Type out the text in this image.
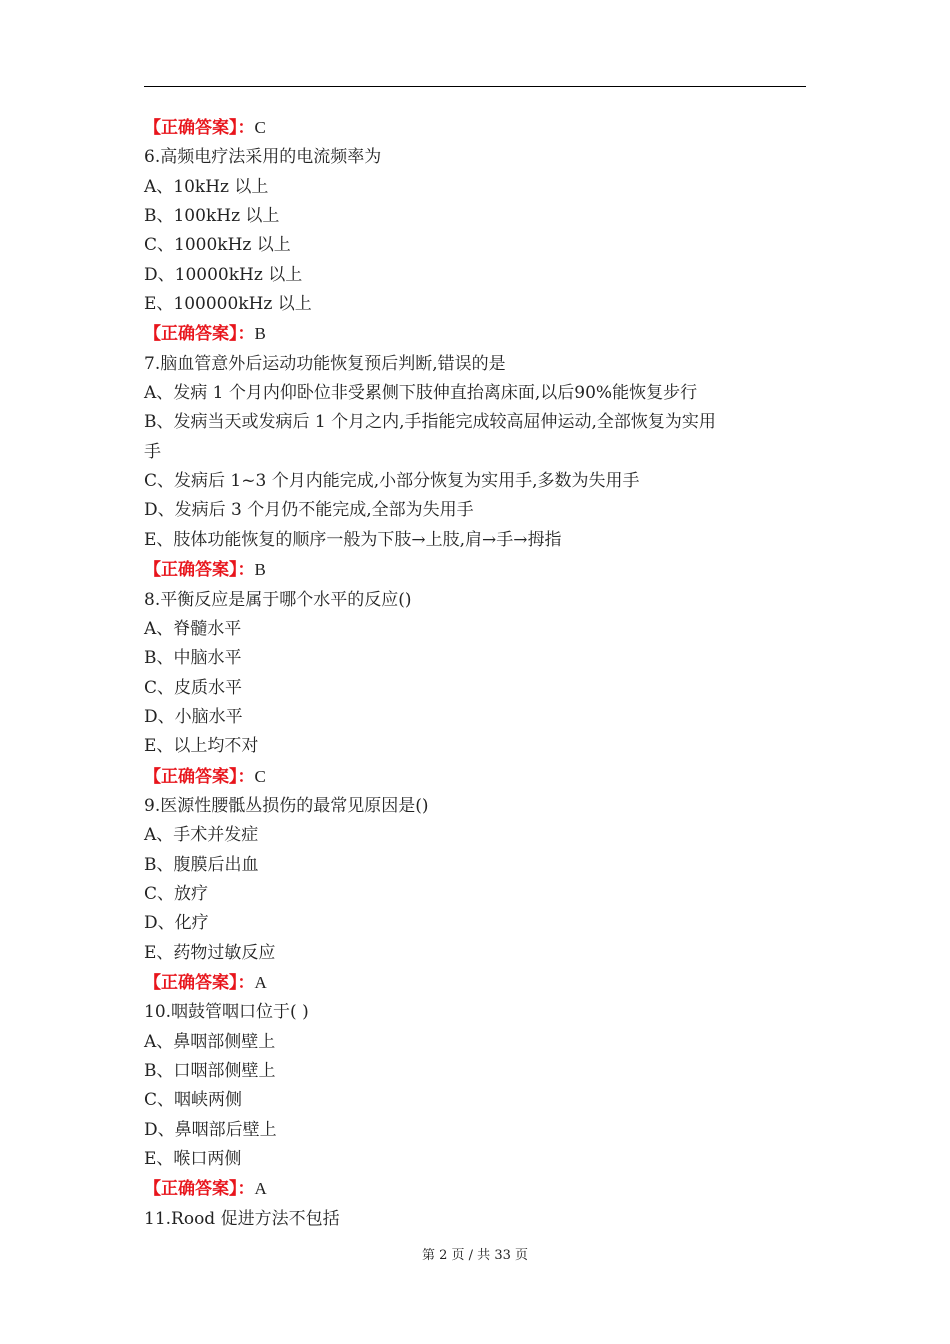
【正确答案】：C
6.高频电疗法采用的电流频率为
A、10kHz 以上
B、100kHz 以上
C、1000kHz 以上
D、10000kHz 以上
E、100000kHz 以上
【正确答案】：B
7.脑血管意外后运动功能恢复预后判断,错误的是
A、发病 1 个月内仰卧位非受累侧下肢伸直抬离床面,以后90%能恢复步行
B、发病当天或发病后 1 个月之内,手指能完成较高屈伸运动,全部恢复为实用
手
C、发病后 1~3 个月内能完成,小部分恢复为实用手,多数为失用手
D、发病后 3 个月仍不能完成,全部为失用手
E、肢体功能恢复的顺序一般为下肢→上肢,肩→手→拇指
【正确答案】：B
8.平衡反应是属于哪个水平的反应()
A、脊髓水平
B、中脑水平
C、皮质水平
D、小脑水平
E、以上均不对
【正确答案】：C
9.医源性腰骶丛损伤的最常见原因是()
A、手术并发症
B、腹膜后出血
C、放疗
D、化疗
E、药物过敏反应
【正确答案】：A
10.咽鼓管咽口位于( )
A、鼻咽部侧壁上
B、口咽部侧壁上
C、咽峡两侧
D、鼻咽部后壁上
E、喉口两侧
【正确答案】：A
11.Rood 促进方法不包括
第 2 页 / 共 33 页
